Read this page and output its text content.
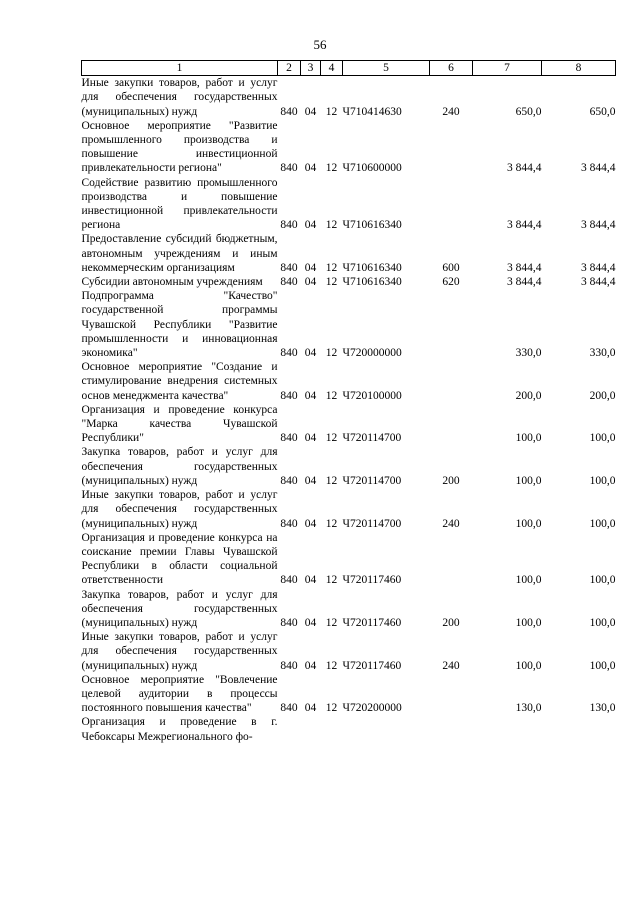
56
1	2	3	4	5	6	7	8
Иные закупки товаров, работ и услуг для обеспечения государственных (муниципальных) нужд	840	04	12	Ч710414630	240	650,0	650,0
Основное мероприятие "Развитие промышленного производства и повышение инвестиционной привлекательности региона"	840	04	12	Ч710600000		3 844,4	3 844,4
Содействие развитию промышленного производства и повышение инвестиционной привлекательности региона	840	04	12	Ч710616340		3 844,4	3 844,4
Предоставление субсидий бюджетным, автономным учреждениям и иным некоммерческим организациям	840	04	12	Ч710616340	600	3 844,4	3 844,4
Субсидии автономным учреждениям	840	04	12	Ч710616340	620	3 844,4	3 844,4
Подпрограмма "Качество" государственной программы Чувашской Республики "Развитие промышленности и инновационная экономика"	840	04	12	Ч720000000		330,0	330,0
Основное мероприятие "Создание и стимулирование внедрения системных основ менеджмента качества"	840	04	12	Ч720100000		200,0	200,0
Организация и проведение конкурса "Марка качества Чувашской Республики"	840	04	12	Ч720114700		100,0	100,0
Закупка товаров, работ и услуг для обеспечения государственных (муниципальных) нужд	840	04	12	Ч720114700	200	100,0	100,0
Иные закупки товаров, работ и услуг для обеспечения государственных (муниципальных) нужд	840	04	12	Ч720114700	240	100,0	100,0
Организация и проведение конкурса на соискание премии Главы Чувашской Республики в области социальной ответственности	840	04	12	Ч720117460		100,0	100,0
Закупка товаров, работ и услуг для обеспечения государственных (муниципальных) нужд	840	04	12	Ч720117460	200	100,0	100,0
Иные закупки товаров, работ и услуг для обеспечения государственных (муниципальных) нужд	840	04	12	Ч720117460	240	100,0	100,0
Основное мероприятие "Вовлечение целевой аудитории в процессы постоянного повышения качества"	840	04	12	Ч720200000		130,0	130,0
Организация и проведение в г. Чебоксары Межрегионального фо-							
